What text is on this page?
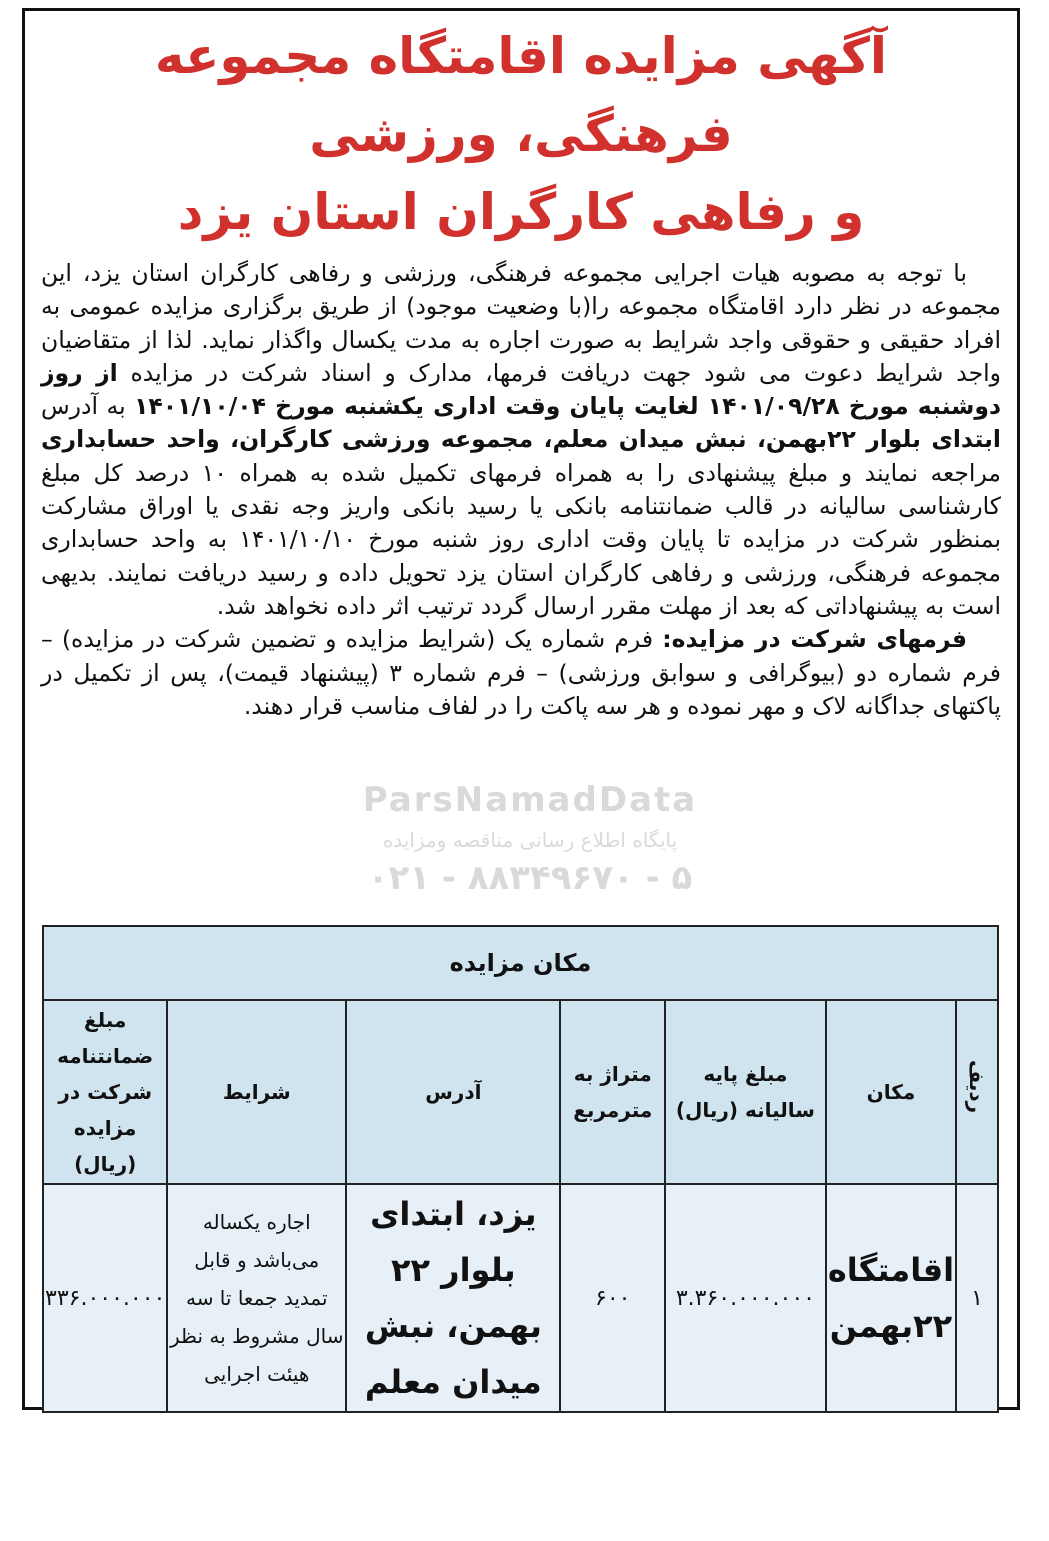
آگهی مزایده اقامتگاه مجموعه فرهنگی، ورزشی
و رفاهی کارگران استان یزد

با توجه به مصوبه هیات اجرایی مجموعه فرهنگی، ورزشی و رفاهی کارگران استان یزد، این مجموعه در نظر دارد اقامتگاه مجموعه را(با وضعیت موجود) از طریق برگزاری مزایده عمومی به افراد حقیقی و حقوقی واجد شرایط به صورت اجاره به مدت یکسال واگذار نماید. لذا از متقاضیان واجد شرایط دعوت می شود جهت دریافت فرمها، مدارک و اسناد شرکت در مزایده از روز دوشنبه مورخ ۱۴۰۱/۰۹/۲۸ لغایت پایان وقت اداری یکشنبه مورخ ۱۴۰۱/۱۰/۰۴ به آدرس ابتدای بلوار ۲۲بهمن، نبش میدان معلم، مجموعه ورزشی کارگران، واحد حسابداری مراجعه نمایند و مبلغ پیشنهادی را به همراه فرمهای تکمیل شده به همراه ۱۰ درصد کل مبلغ کارشناسی سالیانه در قالب ضمانتنامه بانکی یا رسید بانکی واریز وجه نقدی یا اوراق مشارکت بمنظور شرکت در مزایده تا پایان وقت اداری روز شنبه مورخ ۱۴۰۱/۱۰/۱۰ به واحد حسابداری مجموعه فرهنگی، ورزشی و رفاهی کارگران استان یزد تحویل داده و رسید دریافت نمایند. بدیهی است به پیشنهاداتی که بعد از مهلت مقرر ارسال گردد ترتیب اثر داده نخواهد شد.

فرمهای شرکت در مزایده: فرم شماره یک (شرایط مزایده و تضمین شرکت در مزایده) – فرم شماره دو (بیوگرافی و سوابق ورزشی) – فرم شماره ۳ (پیشنهاد قیمت)، پس از تکمیل در پاکتهای جداگانه لاک و مهر نموده و هر سه پاکت را در لفاف مناسب قرار دهند.

مکان مزایده						
ردیف	مکان	مبلغ پایه سالیانه (ریال)	متراژ به مترمربع	آدرس	شرایط	مبلغ ضمانتنامه شرکت در مزایده (ریال)
۱	اقامتگاه ۲۲بهمن	۳.۳۶۰.۰۰۰.۰۰۰	۶۰۰	یزد، ابتدای بلوار ۲۲ بهمن، نبش میدان معلم	اجاره یکساله می‌باشد و قابل تمدید جمعا تا سه سال مشروط به نظر هیئت اجرایی	۳۳۶.۰۰۰.۰۰۰
ParsNamadData
پایگاه اطلاع رسانی مناقصه ومزایده
۰۲۱ - ۸۸۳۴۹۶۷۰ - ۵
